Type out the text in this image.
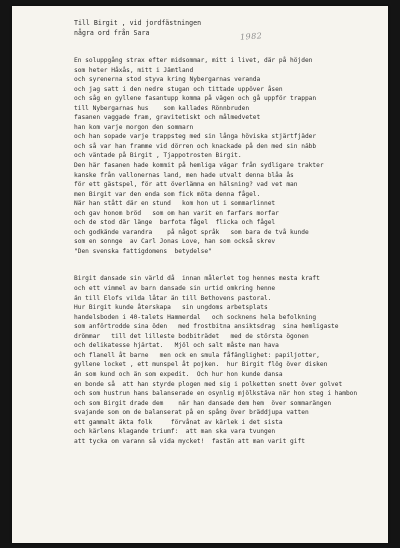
1982
Till Birgit , vid jordfästningen
några ord från Sara
En soluppgång strax efter midsommar, mitt i livet, där på höjden
som heter Håxås, mitt i Jämtland
och syrenerna stod styva kring Nybergarnas veranda
och jag satt i den nedre stugan och tittade uppöver åsen
och såg en gyllene fasantupp komma på vägen och gå uppför trappan
till Nybergarnas hus    som kallades Rönnbruden
fasanen vaggade fram, gravitetiskt och målmedvetet
han kom varje morgon den sommarn
och han sopade varje trappsteg med sin långa höviska stjärtfjäder
och så var han framme vid dörren och knackade på den med sin näbb
och väntade på Birgit , Tjappotrosten Birgit.
Den här fasanen hade kommit på hemliga vägar från sydligare trakter
kanske från vallonernas land, men hade utvalt denna blåa ås
för ett gästspel, för att överlämna en hälsning? vad vet man
men Birgit var den enda som fick möta denna fågel.
När han stått där en stund   kom hon ut i sommarlinnet
och gav honom bröd   som om han varit en farfars morfar
och de stod där länge  barfota fågel  flicka och fågel
och godkände varandra    på något språk   som bara de två kunde
som en sonnge  av Carl Jonas Love, han som också skrev
"Den svenska fattigdomens  betydelse"
Birgit dansade sin värld då  innan målerlet tog hennes mesta kraft
och ett vimmel av barn dansade sin urtid omkring henne
än till Elofs vilda låtar än till Bethovens pastoral.
Hur Birgit kunde återskapa   sin ungdoms arbetsplats
handelsboden i 40-talets Hammerdal   och socknens hela befolkning
som anförtrodde sina öden   med frostbitna ansiktsdrag  sina hemligaste
drömmar   till det lilleste bodbiträdet   med de största ögonen
och delikatesse hjärtat.   Mjöl och salt måste man hava
och flanell åt barne   men ock en smula fåfänglighet: papiljotter,
gyllene locket , ett munspel åt pojken.  hur Birgit flög över disken
än som kund och än som expedit.  Och hur hon kunde dansa
en bonde så  att han styrde plogen med sig i polketten snett över golvet
och som hustrun hans balanserade en osynlig mjölkstäva när hon steg i hambon
och som Birgit drade dem    när han dansade dem hem  över sommarängen
svajande som om de balanserat på en spång över bräddjupa vatten
ett gammalt äkta folk     förvånat av kärlek i det sista
och kärlens klagande triumf:  att man ska vara tvungen
att tycka om varann så vida mycket!  fastän att man varit gift
